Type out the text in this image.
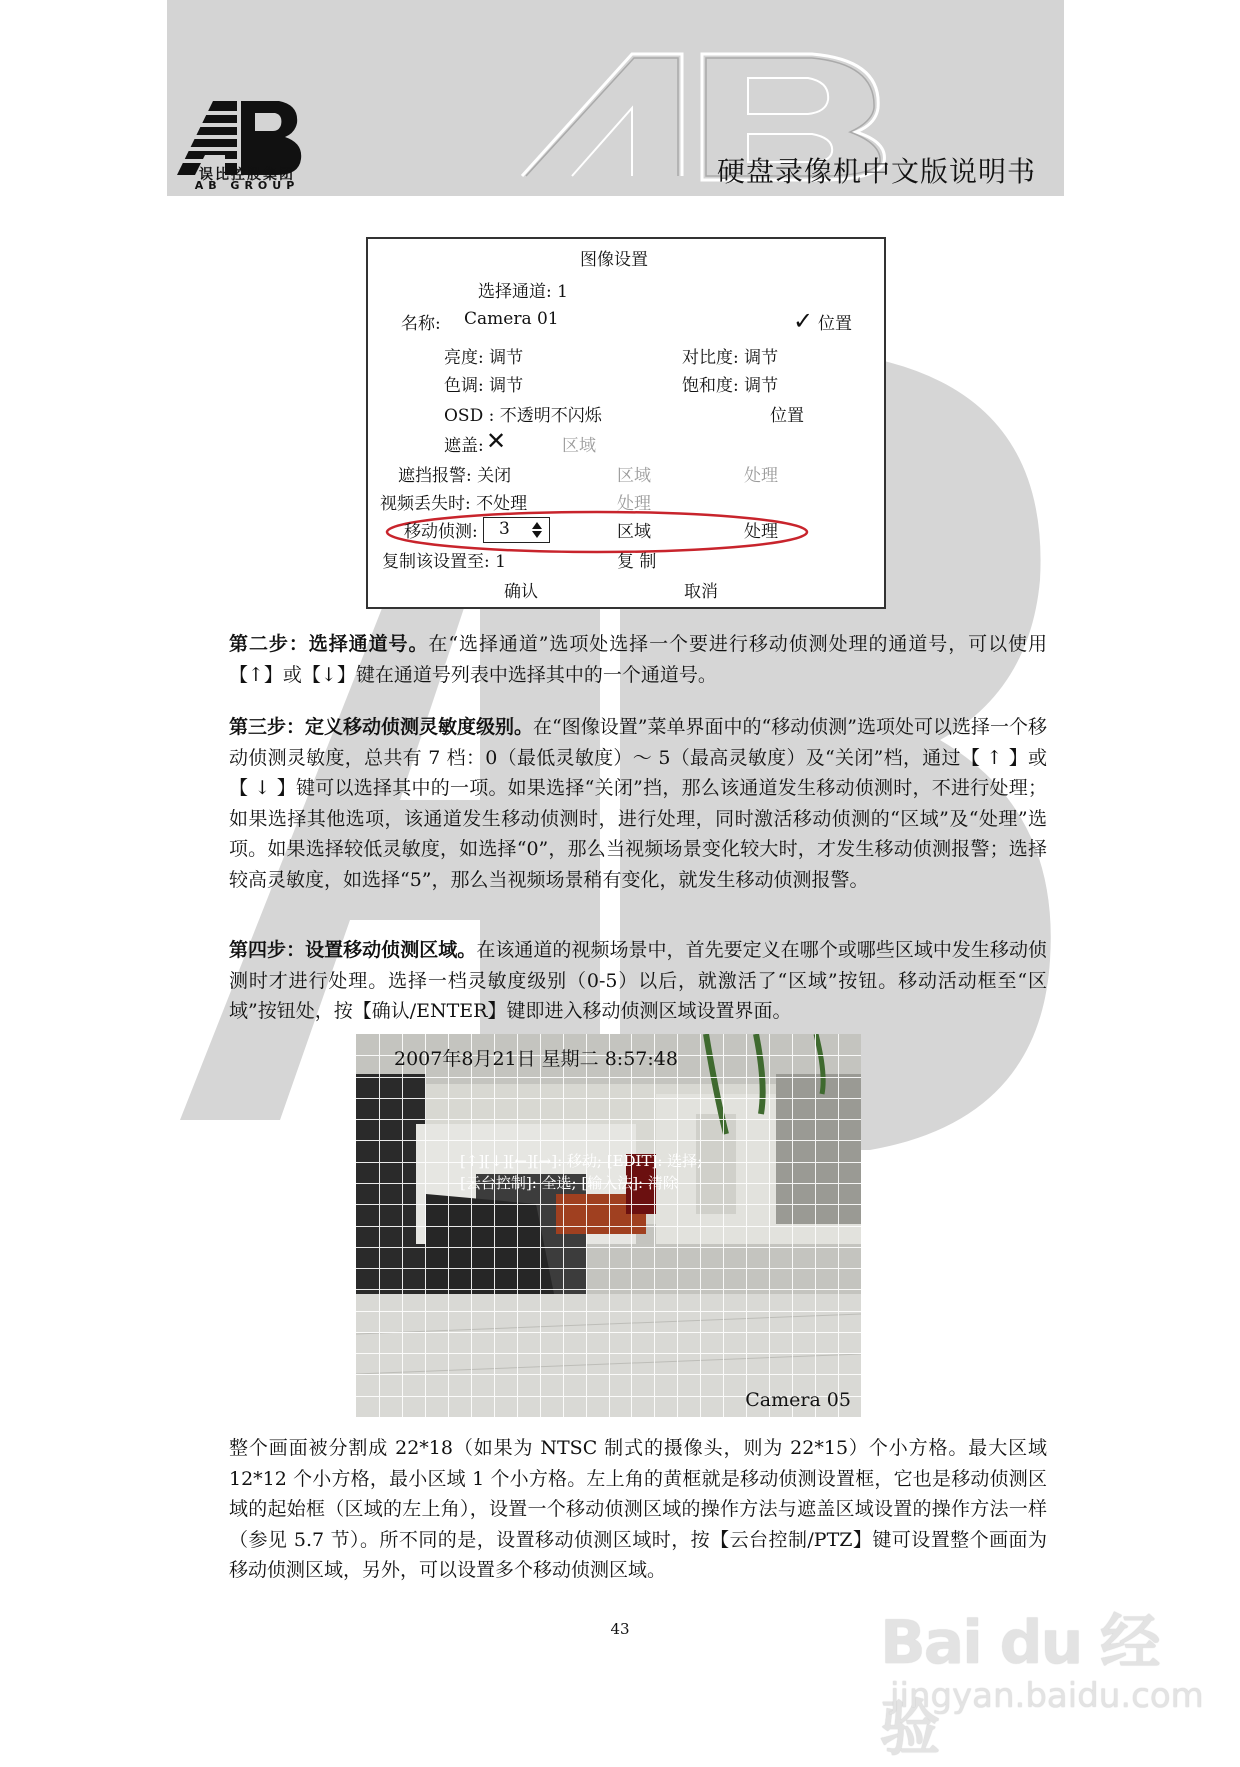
误比控股集团
AB GROUP	硬盘录像机中文版说明书
图像设置
选择通道: 1
名称: Camera 01	✓ 位置
亮度: 调节	对比度: 调节
色调: 调节	饱和度: 调节
OSD : 不透明不闪烁	位置
遮盖: ✕	区域
遮挡报警: 关闭	区域	处理
视频丢失时: 不处理	处理
移动侦测: 3	区域	处理
复制该设置至: 1	复 制
确认	取消
第二步：选择通道号。在“选择通道”选项处选择一个要进行移动侦测处理的通道号，可以使用【↑】或【↓】键在通道号列表中选择其中的一个通道号。
第三步：定义移动侦测灵敏度级别。在“图像设置”菜单界面中的“移动侦测”选项处可以选择一个移动侦测灵敏度，总共有 7 档：0（最低灵敏度）～ 5（最高灵敏度）及“关闭”档，通过【 ↑ 】或【 ↓ 】键可以选择其中的一项。如果选择“关闭”挡，那么该通道发生移动侦测时，不进行处理；如果选择其他选项，该通道发生移动侦测时，进行处理，同时激活移动侦测的“区域”及“处理”选项。如果选择较低灵敏度，如选择“0”，那么当视频场景变化较大时，才发生移动侦测报警；选择较高灵敏度，如选择“5”，那么当视频场景稍有变化，就发生移动侦测报警。
第四步：设置移动侦测区域。在该通道的视频场景中，首先要定义在哪个或哪些区域中发生移动侦测时才进行处理。选择一档灵敏度级别（0-5）以后，就激活了“区域”按钮。移动活动框至“区域”按钮处，按【确认/ENTER】键即进入移动侦测区域设置界面。
2007年8月21日 星期二 8:57:48
[↑][↓][←][→]: 移动; [EDIT]: 选择;
[云台控制]: 全选; [输入法]: 清除
Camera 05
整个画面被分割成 22*18（如果为 NTSC 制式的摄像头，则为 22*15）个小方格。最大区域 12*12 个小方格，最小区域 1 个小方格。左上角的黄框就是移动侦测设置框，它也是移动侦测区域的起始框（区域的左上角），设置一个移动侦测区域的操作方法与遮盖区域设置的操作方法一样（参见 5.7 节）。所不同的是，设置移动侦测区域时，按【云台控制/PTZ】键可设置整个画面为移动侦测区域，另外，可以设置多个移动侦测区域。
43	Bai du 经验
jingyan.baidu.com
